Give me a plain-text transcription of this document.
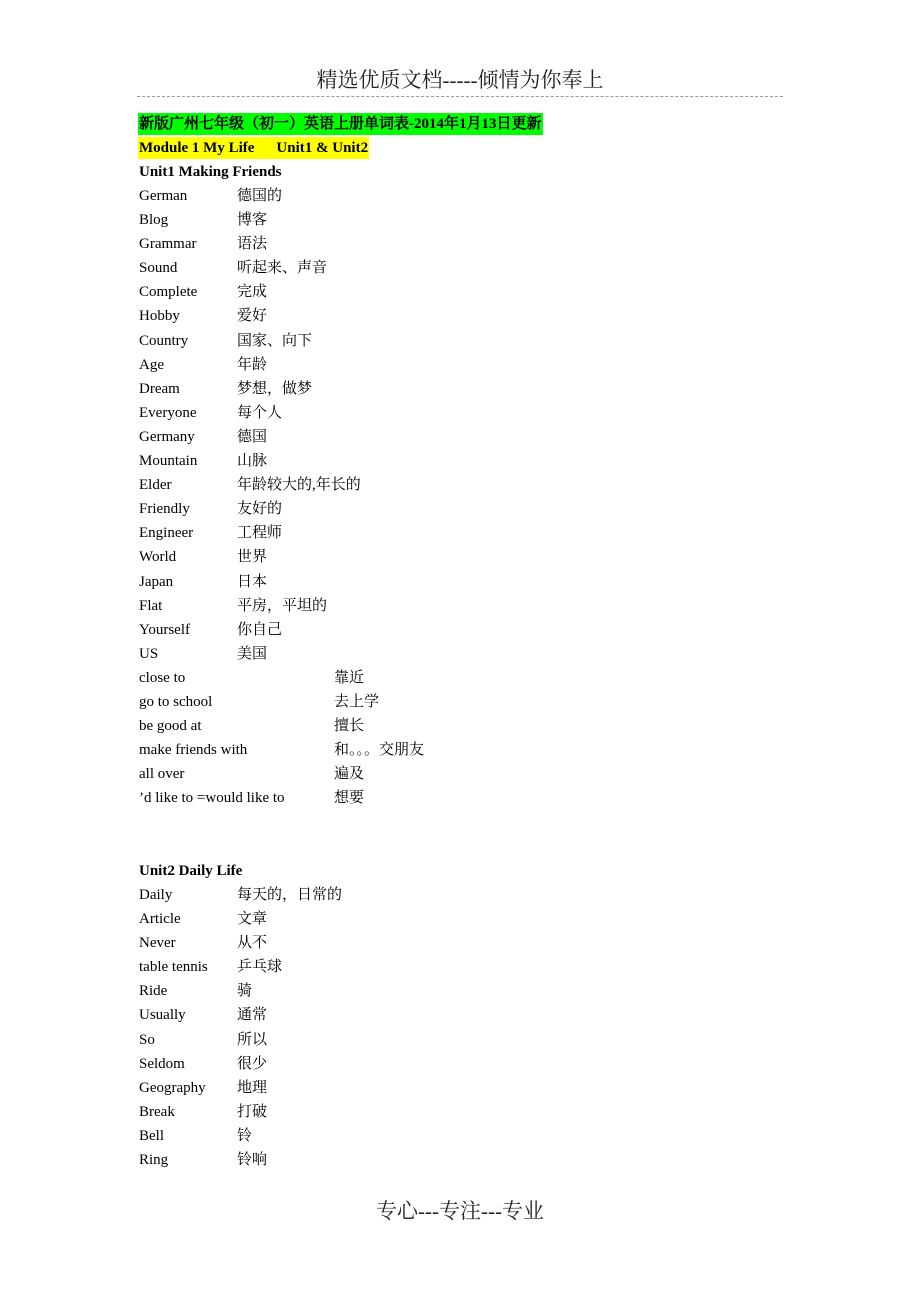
精选优质文档-----倾情为你奉上
新版广州七年级（初一）英语上册单词表-2014年1月13日更新
Module 1 My Life Unit1 & Unit2
Unit1 Making Friends
German	德国的
Blog	博客
Grammar	语法
Sound	听起来、声音
Complete	完成
Hobby	爱好
Country	国家、向下
Age	年龄
Dream	梦想，做梦
Everyone	每个人
Germany	德国
Mountain	山脉
Elder	年龄较大的,年长的
Friendly	友好的
Engineer	工程师
World	世界
Japan	日本
Flat	平房，平坦的
Yourself	你自己
US	美国
close to	靠近
go to school	去上学
be good at	擅长
make friends with	和。。。交朋友
all over	遍及
’d like to =would like to	想要
Unit2 Daily Life
Daily	每天的，日常的
Article	文章
Never	从不
table tennis 乒乓球
Ride	骑
Usually	通常
So	所以
Seldom	很少
Geography 地理
Break	打破
Bell	铃
Ring	铃响
专心---专注---专业
